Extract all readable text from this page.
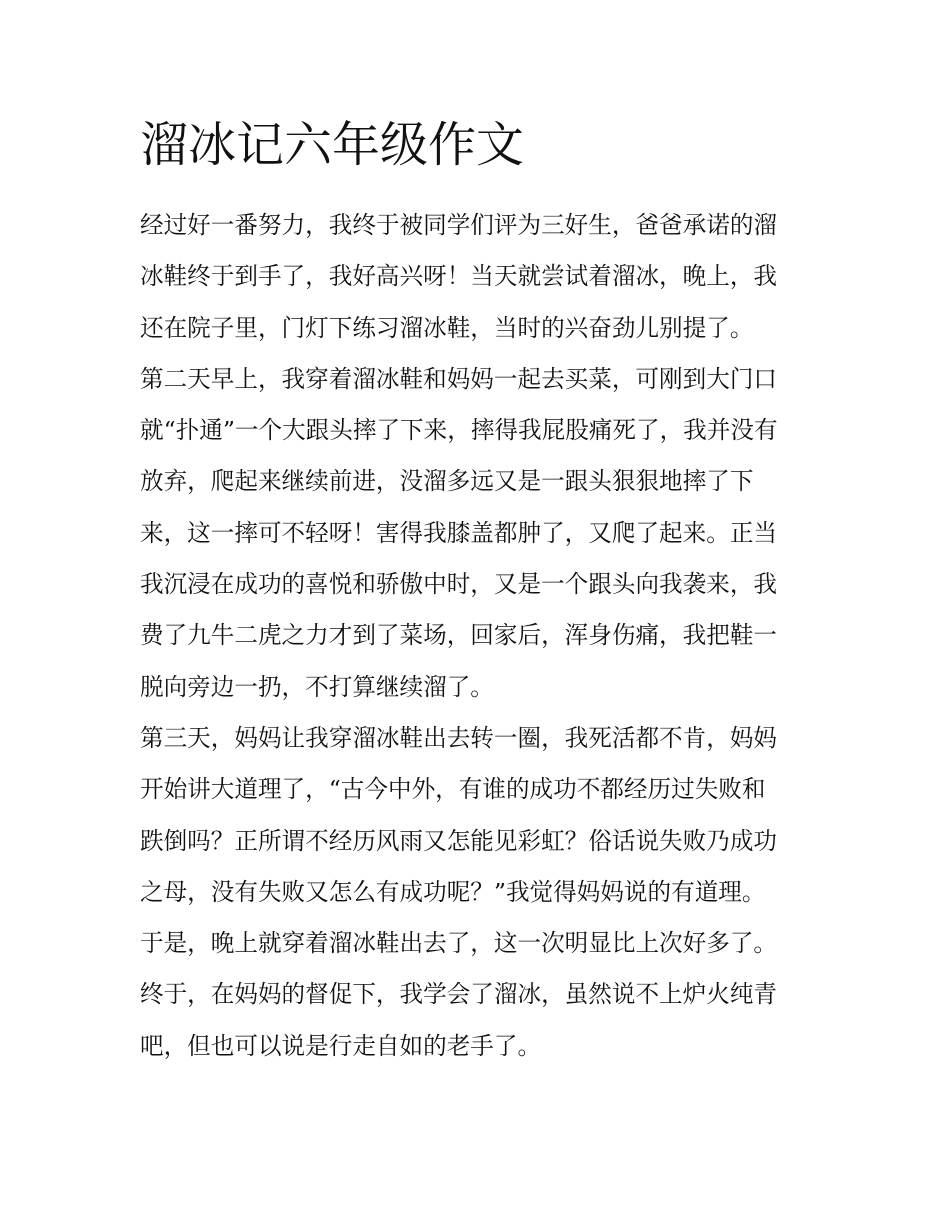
溜冰记六年级作文

经过好一番努力，我终于被同学们评为三好生，爸爸承诺的溜

冰鞋终于到手了，我好高兴呀！当天就尝试着溜冰，晚上，我

还在院子里，门灯下练习溜冰鞋，当时的兴奋劲儿别提了。

第二天早上，我穿着溜冰鞋和妈妈一起去买菜，可刚到大门口

就“扑通”一个大跟头摔了下来，摔得我屁股痛死了，我并没有

放弃，爬起来继续前进，没溜多远又是一跟头狠狠地摔了下

来，这一摔可不轻呀！害得我膝盖都肿了，又爬了起来。正当

我沉浸在成功的喜悦和骄傲中时，又是一个跟头向我袭来，我

费了九牛二虎之力才到了菜场，回家后，浑身伤痛，我把鞋一

脱向旁边一扔，不打算继续溜了。

第三天，妈妈让我穿溜冰鞋出去转一圈，我死活都不肯，妈妈

开始讲大道理了，“古今中外，有谁的成功不都经历过失败和

跌倒吗？正所谓不经历风雨又怎能见彩虹？俗话说失败乃成功

之母，没有失败又怎么有成功呢？”我觉得妈妈说的有道理。

于是，晚上就穿着溜冰鞋出去了，这一次明显比上次好多了。

终于，在妈妈的督促下，我学会了溜冰，虽然说不上炉火纯青

吧，但也可以说是行走自如的老手了。
